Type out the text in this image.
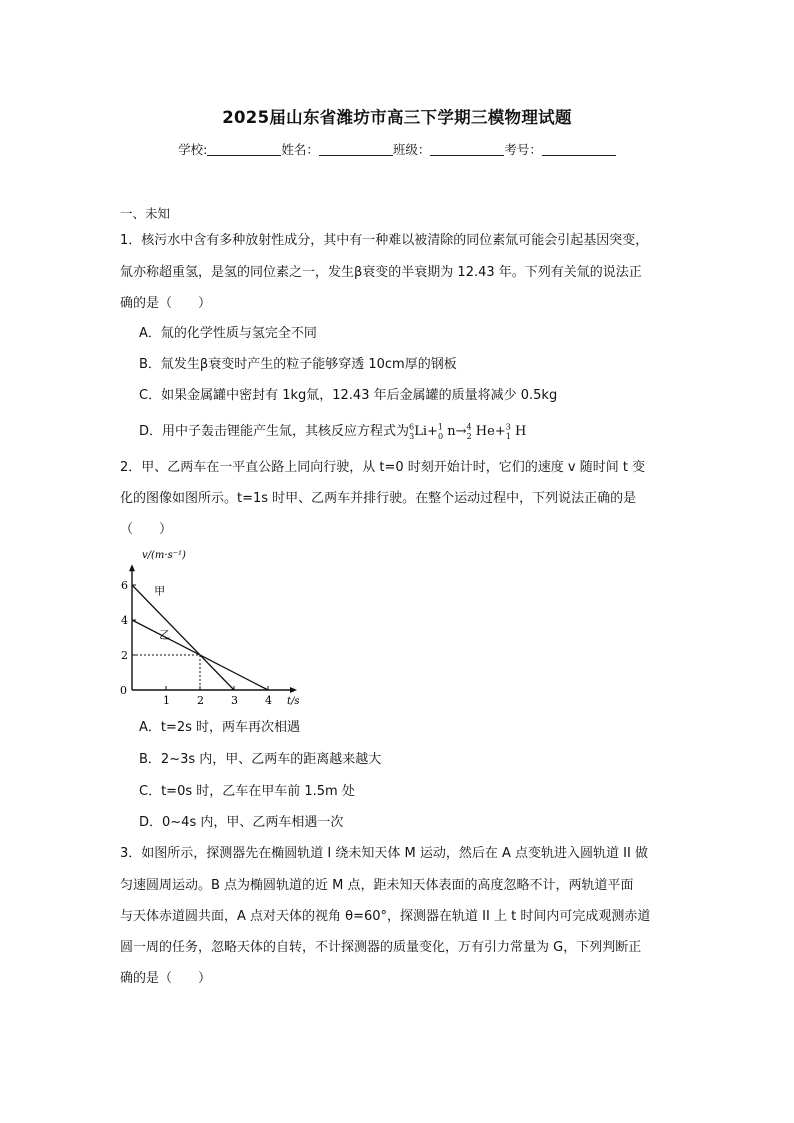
2025届山东省潍坊市高三下学期三模物理试题
学校:	姓名：	班级：	考号：
一、未知
1．核污水中含有多种放射性成分，其中有一种难以被清除的同位素氚可能会引起基因突变，
氚亦称超重氢，是氢的同位素之一，发生β衰变的半衰期为 12.43 年。下列有关氚的说法正
确的是（　　）
A．氚的化学性质与氢完全不同
B．氚发生β衰变时产生的粒子能够穿透 10cm厚的钢板
C．如果金属罐中密封有 1kg氚，12.43 年后金属罐的质量将减少 0.5kg
D．用中子轰击锂能产生氚，其核反应方程式为$^6_3$Li+$^1_0$ n→$^4_2$ He+$^3_1$ H
2．甲、乙两车在一平直公路上同向行驶，从 t=0 时刻开始计时，它们的速度 v 随时间 t 变
化的图像如图所示。t=1s 时甲、乙两车并排行驶。在整个运动过程中，下列说法正确的是
（　　）
v/(m·s⁻¹)
t/s
0
1 2 3 4
2
4
6 甲
乙
A．t=2s 时，两车再次相遇
B．2~3s 内，甲、乙两车的距离越来越大
C．t=0s 时，乙车在甲车前 1.5m 处
D．0~4s 内，甲、乙两车相遇一次
3．如图所示，探测器先在椭圆轨道 I 绕未知天体 M 运动，然后在 A 点变轨进入圆轨道 II 做
匀速圆周运动。B 点为椭圆轨道的近 M 点，距未知天体表面的高度忽略不计，两轨道平面
与天体赤道圆共面，A 点对天体的视角 θ=60°，探测器在轨道 II 上 t 时间内可完成观测赤道
圆一周的任务，忽略天体的自转，不计探测器的质量变化，万有引力常量为 G，下列判断正
确的是（　　）
